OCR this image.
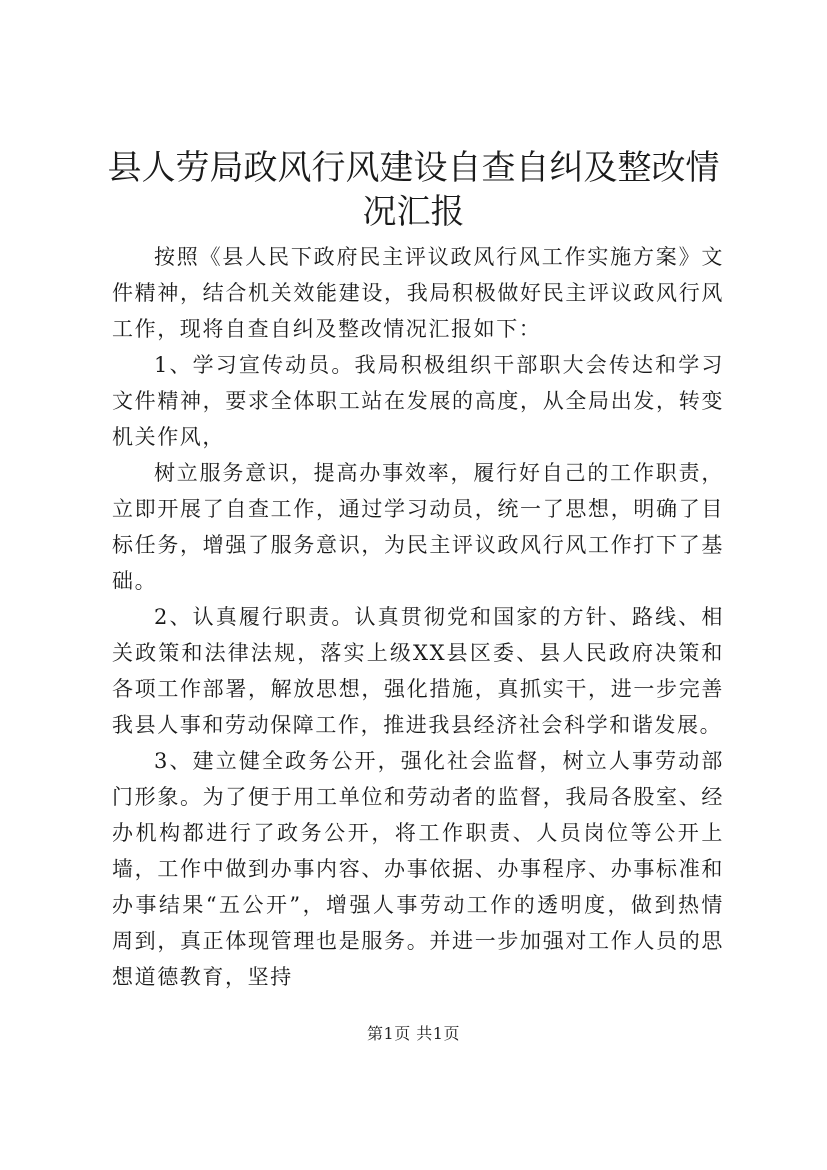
县人劳局政风行风建设自查自纠及整改情况汇报

按照《县人民下政府民主评议政风行风工作实施方案》文件精神，结合机关效能建设，我局积极做好民主评议政风行风工作，现将自查自纠及整改情况汇报如下：

1、学习宣传动员。我局积极组织干部职大会传达和学习文件精神，要求全体职工站在发展的高度，从全局出发，转变机关作风，

树立服务意识，提高办事效率，履行好自己的工作职责，立即开展了自查工作，通过学习动员，统一了思想，明确了目标任务，增强了服务意识，为民主评议政风行风工作打下了基础。

2、认真履行职责。认真贯彻党和国家的方针、路线、相关政策和法律法规，落实上级XX县区委、县人民政府决策和各项工作部署，解放思想，强化措施，真抓实干，进一步完善我县人事和劳动保障工作，推进我县经济社会科学和谐发展。

3、建立健全政务公开，强化社会监督，树立人事劳动部门形象。为了便于用工单位和劳动者的监督，我局各股室、经办机构都进行了政务公开，将工作职责、人员岗位等公开上墙，工作中做到办事内容、办事依据、办事程序、办事标准和办事结果“五公开”，增强人事劳动工作的透明度，做到热情周到，真正体现管理也是服务。并进一步加强对工作人员的思想道德教育，坚持

第1页 共1页
